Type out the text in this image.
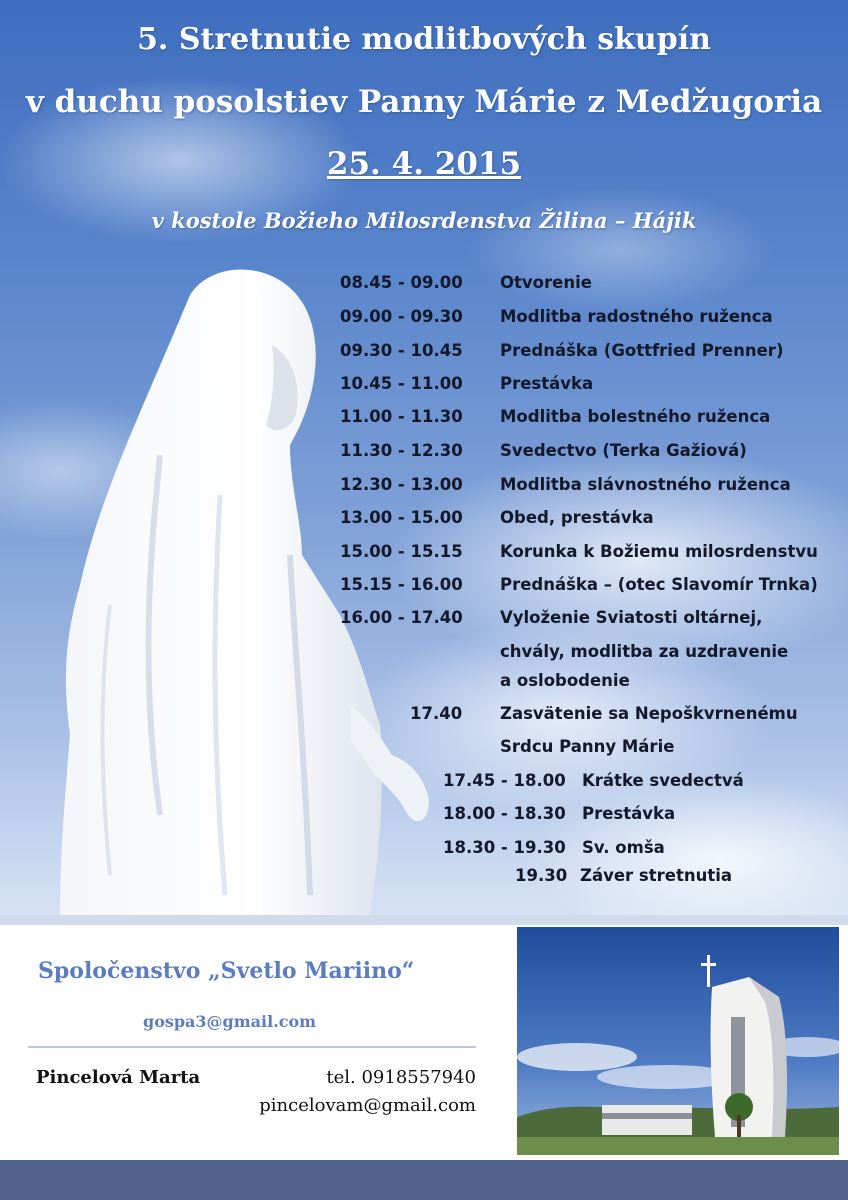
5. Stretnutie modlitbových skupín
v duchu posolstiev Panny Márie z Medžugoria
25. 4. 2015
v kostole Božieho Milosrdenstva Žilina – Hájik
08.45 - 09.00 Otvorenie
09.00 - 09.30 Modlitba radostného ruženca
09.30 - 10.45 Prednáška (Gottfried Prenner)
10.45 - 11.00 Prestávka
11.00 - 11.30 Modlitba bolestného ruženca
11.30 - 12.30 Svedectvo (Terka Gažiová)
12.30 - 13.00 Modlitba slávnostného ruženca
13.00 - 15.00 Obed, prestávka
15.00 - 15.15 Korunka k Božiemu milosrdenstvu
15.15 - 16.00 Prednáška – (otec Slavomír Trnka)
16.00 - 17.40 Vyloženie Sviatosti oltárnej,
chvály, modlitba za uzdravenie
a oslobodenie
17.40 Zasvätenie sa Nepoškvrnenému
Srdcu Panny Márie
17.45 - 18.00 Krátke svedectvá
18.00 - 18.30 Prestávka
18.30 - 19.30 Sv. omša
19.30 Záver stretnutia
Spoločenstvo „Svetlo Mariino“
gospa3@gmail.com
Pincelová Marta	tel. 0918557940
pincelovam@gmail.com
